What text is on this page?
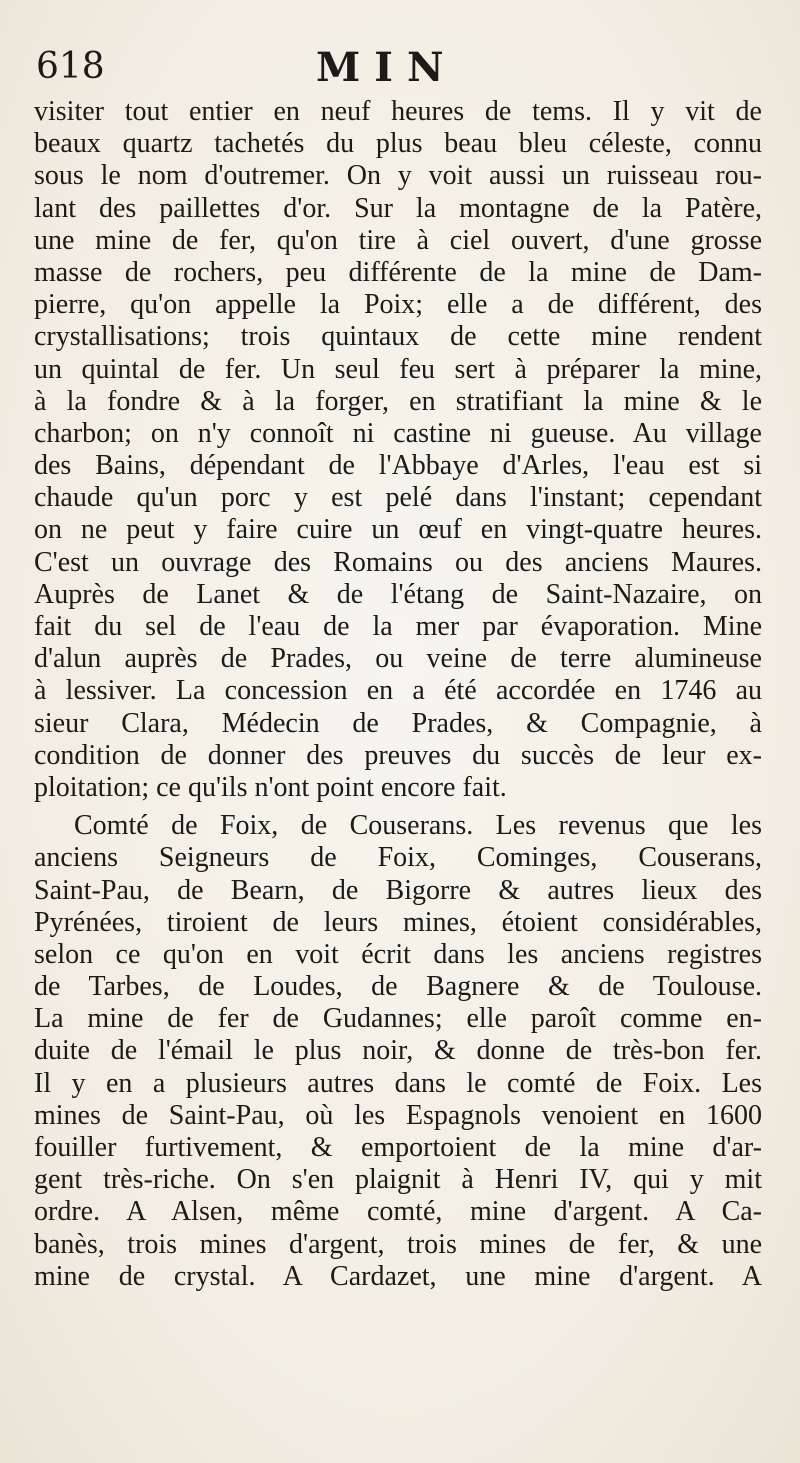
618	MIN
visiter tout entier en neuf heures de tems. Il y vit de
beaux quartz tachetés du plus beau bleu céleste, connu
sous le nom d'outremer. On y voit aussi un ruisseau rou-
lant des paillettes d'or. Sur la montagne de la Patère,
une mine de fer, qu'on tire à ciel ouvert, d'une grosse
masse de rochers, peu différente de la mine de Dam-
pierre, qu'on appelle la Poix; elle a de différent, des
crystallisations; trois quintaux de cette mine rendent
un quintal de fer. Un seul feu sert à préparer la mine,
à la fondre & à la forger, en stratifiant la mine & le
charbon; on n'y connoît ni castine ni gueuse. Au village
des Bains, dépendant de l'Abbaye d'Arles, l'eau est si
chaude qu'un porc y est pelé dans l'instant; cependant
on ne peut y faire cuire un œuf en vingt-quatre heures.
C'est un ouvrage des Romains ou des anciens Maures.
Auprès de Lanet & de l'étang de Saint-Nazaire, on
fait du sel de l'eau de la mer par évaporation. Mine
d'alun auprès de Prades, ou veine de terre alumineuse
à lessiver. La concession en a été accordée en 1746 au
sieur Clara, Médecin de Prades, & Compagnie, à
condition de donner des preuves du succès de leur ex-
ploitation; ce qu'ils n'ont point encore fait.
Comté de Foix, de Couserans. Les revenus que les
anciens Seigneurs de Foix, Cominges, Couserans,
Saint-Pau, de Bearn, de Bigorre & autres lieux des
Pyrénées, tiroient de leurs mines, étoient considérables,
selon ce qu'on en voit écrit dans les anciens registres
de Tarbes, de Loudes, de Bagnere & de Toulouse.
La mine de fer de Gudannes; elle paroît comme en-
duite de l'émail le plus noir, & donne de très-bon fer.
Il y en a plusieurs autres dans le comté de Foix. Les
mines de Saint-Pau, où les Espagnols venoient en 1600
fouiller furtivement, & emportoient de la mine d'ar-
gent très-riche. On s'en plaignit à Henri IV, qui y mit
ordre. A Alsen, même comté, mine d'argent. A Ca-
banès, trois mines d'argent, trois mines de fer, & une
mine de crystal. A Cardazet, une mine d'argent. A
